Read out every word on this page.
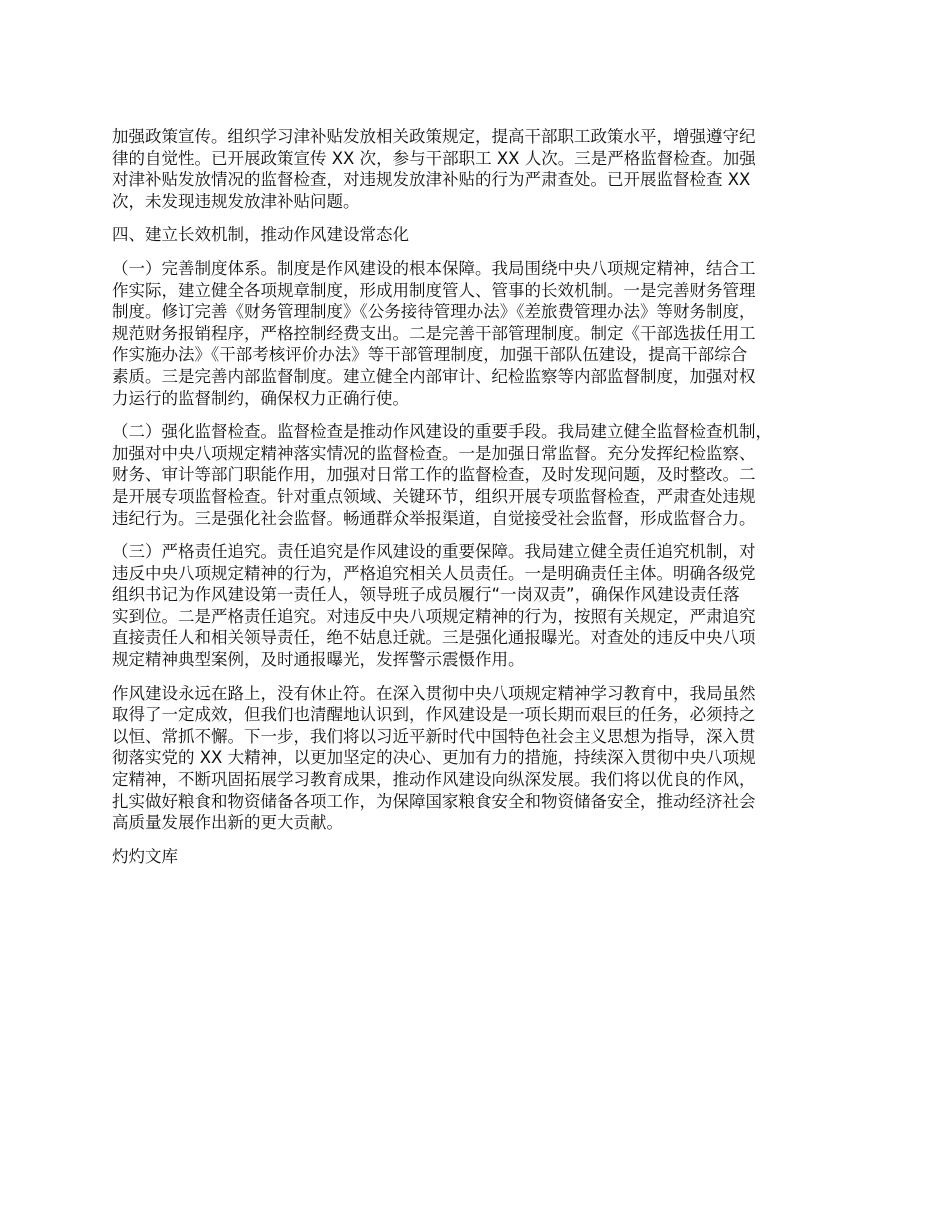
加强政策宣传。组织学习津补贴发放相关政策规定，提高干部职工政策水平，增强遵守纪
律的自觉性。已开展政策宣传 XX 次，参与干部职工 XX 人次。三是严格监督检查。加强
对津补贴发放情况的监督检查，对违规发放津补贴的行为严肃查处。已开展监督检查 XX
次，未发现违规发放津补贴问题。

四、建立长效机制，推动作风建设常态化

（一）完善制度体系。制度是作风建设的根本保障。我局围绕中央八项规定精神，结合工
作实际，建立健全各项规章制度，形成用制度管人、管事的长效机制。一是完善财务管理
制度。修订完善《财务管理制度》《公务接待管理办法》《差旅费管理办法》等财务制度，
规范财务报销程序，严格控制经费支出。二是完善干部管理制度。制定《干部选拔任用工
作实施办法》《干部考核评价办法》等干部管理制度，加强干部队伍建设，提高干部综合
素质。三是完善内部监督制度。建立健全内部审计、纪检监察等内部监督制度，加强对权
力运行的监督制约，确保权力正确行使。

（二）强化监督检查。监督检查是推动作风建设的重要手段。我局建立健全监督检查机制，
加强对中央八项规定精神落实情况的监督检查。一是加强日常监督。充分发挥纪检监察、
财务、审计等部门职能作用，加强对日常工作的监督检查，及时发现问题，及时整改。二
是开展专项监督检查。针对重点领域、关键环节，组织开展专项监督检查，严肃查处违规
违纪行为。三是强化社会监督。畅通群众举报渠道，自觉接受社会监督，形成监督合力。

（三）严格责任追究。责任追究是作风建设的重要保障。我局建立健全责任追究机制，对
违反中央八项规定精神的行为，严格追究相关人员责任。一是明确责任主体。明确各级党
组织书记为作风建设第一责任人，领导班子成员履行“一岗双责”，确保作风建设责任落
实到位。二是严格责任追究。对违反中央八项规定精神的行为，按照有关规定，严肃追究
直接责任人和相关领导责任，绝不姑息迁就。三是强化通报曝光。对查处的违反中央八项
规定精神典型案例，及时通报曝光，发挥警示震慑作用。

作风建设永远在路上，没有休止符。在深入贯彻中央八项规定精神学习教育中，我局虽然
取得了一定成效，但我们也清醒地认识到，作风建设是一项长期而艰巨的任务，必须持之
以恒、常抓不懈。下一步，我们将以习近平新时代中国特色社会主义思想为指导，深入贯
彻落实党的 XX 大精神，以更加坚定的决心、更加有力的措施，持续深入贯彻中央八项规
定精神，不断巩固拓展学习教育成果，推动作风建设向纵深发展。我们将以优良的作风，
扎实做好粮食和物资储备各项工作，为保障国家粮食安全和物资储备安全，推动经济社会
高质量发展作出新的更大贡献。

灼灼文库
